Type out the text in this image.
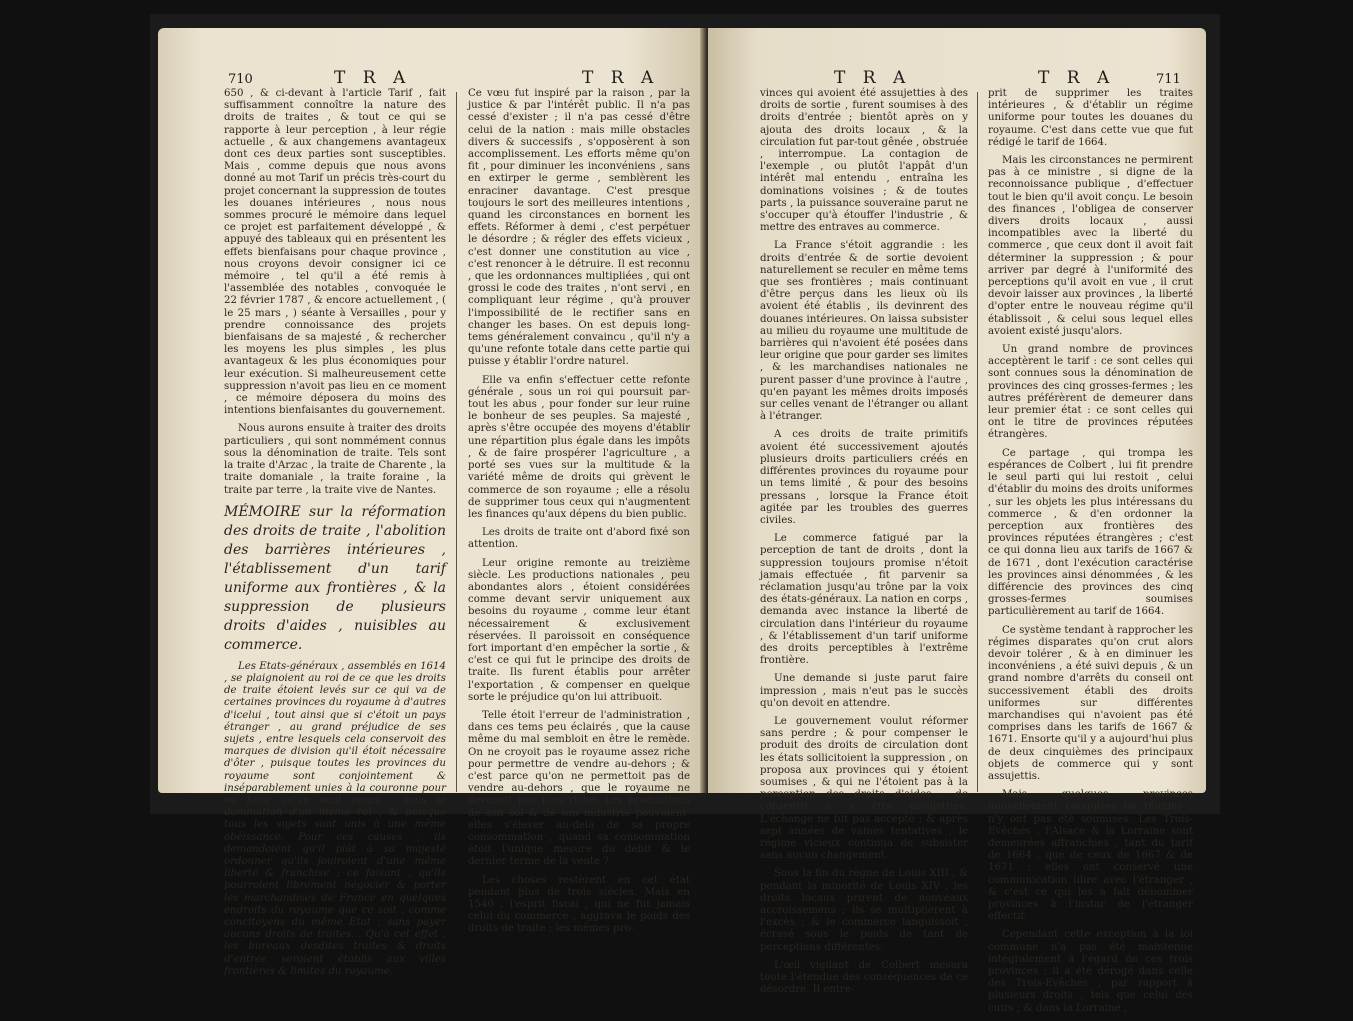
710	T R A	T R A

650 , & ci-devant à l'article Tarif , fait suffisamment connoître la nature des droits de traites , & tout ce qui se rapporte à leur perception , à leur régie actuelle , & aux changemens avantageux dont ces deux parties sont susceptibles. Mais , comme depuis que nous avons donné au mot Tarif un précis très-court du projet concernant la suppression de toutes les douanes intérieures , nous nous sommes procuré le mémoire dans lequel ce projet est parfaitement développé , & appuyé des tableaux qui en présentent les effets bienfaisans pour chaque province , nous croyons devoir consigner ici ce mémoire , tel qu'il a été remis à l'assemblée des notables , convoquée le 22 février 1787 , & encore actuellement , ( le 25 mars , ) séante à Versailles , pour y prendre connoissance des projets bienfaisans de sa majesté , & rechercher les moyens les plus simples , les plus avantageux & les plus économiques pour leur exécution. Si malheureusement cette suppression n'avoit pas lieu en ce moment , ce mémoire déposera du moins des intentions bienfaisantes du gouvernement.

Nous aurons ensuite à traiter des droits particuliers , qui sont nommément connus sous la dénomination de traite. Tels sont la traite d'Arzac , la traite de Charente , la traite domaniale , la traite foraine , la traite par terre , la traite vive de Nantes.

MÉMOIRE sur la réformation des droits de traite , l'abolition des barrières intérieures , l'établissement d'un tarif uniforme aux frontières , & la suppression de plusieurs droits d'aides , nuisibles au commerce.

Les Etats-généraux , assemblés en 1614 , se plaignoient au roi de ce que les droits de traite étoient levés sur ce qui va de certaines provinces du royaume à d'autres d'icelui , tout ainsi que si c'étoit un pays étranger , au grand préjudice de ses sujets , entre lesquels cela conservoit des marques de division qu'il étoit nécessaire d'ôter , puisque toutes les provinces du royaume sont conjointement & inséparablement unies à la couronne pour ne faire qu'un seul corps , sous la domination d'un même roi , & puisque tous les sujets sont unis à une même obéissance. Pour ces causes , ils demandoient qu'il plût à sa majesté ordonner qu'ils jouiroient d'une même liberté & franchise ; ce faisant , qu'ils pourroient librement négocier & porter les marchandises de France en quelques endroits du royaume que ce soit , comme concitoyens du même Etat , sans payer aucuns droits de traites… Qu'à cet effet , les bureaux desdites traites & droits d'entrée seroient établis aux villes frontières & limites du royaume.

Ce vœu fut inspiré par la raison , par la justice & par l'intérêt public. Il n'a pas cessé d'exister ; il n'a pas cessé d'être celui de la nation : mais mille obstacles divers & successifs , s'opposèrent à son accomplissement. Les efforts même qu'on fit , pour diminuer les inconvéniens , sans en extirper le germe , semblèrent les enraciner davantage. C'est presque toujours le sort des meilleures intentions , quand les circonstances en bornent les effets. Réformer à demi , c'est perpétuer le désordre ; & régler des effets vicieux , c'est donner une constitution au vice , c'est renoncer à le détruire. Il est reconnu , que les ordonnances multipliées , qui ont grossi le code des traites , n'ont servi , en compliquant leur régime , qu'à prouver l'impossibilité de le rectifier sans en changer les bases. On est depuis long-tems généralement convaincu , qu'il n'y a qu'une refonte totale dans cette partie qui puisse y établir l'ordre naturel.

Elle va enfin s'effectuer cette refonte générale , sous un roi qui poursuit par-tout les abus , pour fonder sur leur ruine le bonheur de ses peuples. Sa majesté , après s'être occupée des moyens d'établir une répartition plus égale dans les impôts , & de faire prospérer l'agriculture , a porté ses vues sur la multitude & la variété même de droits qui grèvent le commerce de son royaume ; elle a résolu de supprimer tous ceux qui n'augmentent les finances qu'aux dépens du bien public.

Les droits de traite ont d'abord fixé son attention.

Leur origine remonte au treizième siècle. Les productions nationales , peu abondantes alors , étoient considérées comme devant servir uniquement aux besoins du royaume , comme leur étant nécessairement & exclusivement réservées. Il paroissoit en conséquence fort important d'en empêcher la sortie , & c'est ce qui fut le principe des droits de traite. Ils furent établis pour arrêter l'exportation , & compenser en quelque sorte le préjudice qu'on lui attribuoit.

Telle étoit l'erreur de l'administration , dans ces tems peu éclairés , que la cause même du mal sembloit en être le remède. On ne croyoit pas le royaume assez riche pour permettre de vendre au-dehors ; & c'est parce qu'on ne permettoit pas de vendre au-dehors , que le royaume ne devenoit pas plus riche. Les productions de son sol & de son industrie pouvoient-elles s'élever au-delà de sa propre consommation , quand sa consommation étoit l'unique mesure du débit & le dernier terme de la vente ?

Les choses restèrent en cet état pendant plus de trois siècles. Mais en 1540 , l'esprit fiscal , qui ne fut jamais celui du commerce , aggrava le poids des droits de traite ; les mêmes pro-

T R A	T R A	711

vinces qui avoient été assujetties à des droits de sortie , furent soumises à des droits d'entrée ; bientôt après on y ajouta des droits locaux , & la circulation fut par-tout gênée , obstruée , interrompue. La contagion de l'exemple , ou plutôt l'appât d'un intérêt mal entendu , entraîna les dominations voisines ; & de toutes parts , la puissance souveraine parut ne s'occuper qu'à étouffer l'industrie , & mettre des entraves au commerce.

La France s'étoit aggrandie : les droits d'entrée & de sortie devoient naturellement se reculer en même tems que ses frontières ; mais continuant d'être perçus dans les lieux où ils avoient été établis , ils devinrent des douanes intérieures. On laissa subsister au milieu du royaume une multitude de barrières qui n'avoient été posées dans leur origine que pour garder ses limites , & les marchandises nationales ne purent passer d'une province à l'autre , qu'en payant les mêmes droits imposés sur celles venant de l'étranger ou allant à l'étranger.

A ces droits de traite primitifs avoient été successivement ajoutés plusieurs droits particuliers créés en différentes provinces du royaume pour un tems limité , & pour des besoins pressans , lorsque la France étoit agitée par les troubles des guerres civiles.

Le commerce fatigué par la perception de tant de droits , dont la suppression toujours promise n'étoit jamais effectuée , fit parvenir sa réclamation jusqu'au trône par la voix des états-généraux. La nation en corps , demanda avec instance la liberté de circulation dans l'intérieur du royaume , & l'établissement d'un tarif uniforme des droits perceptibles à l'extrême frontière.

Une demande si juste parut faire impression , mais n'eut pas le succès qu'on devoit en attendre.

Le gouvernement voulut réformer sans perdre ; & pour compenser le produit des droits de circulation dont les états sollicitoient la suppression , on proposa aux provinces qui y étoient soumises , & qui ne l'étoient pas à la perception des droits d'aides , de consentir à y être assujetties. L'échange ne fut pas accepté ; & après sept années de vaines tentatives , le régime vicieux continua de subsister sans aucun changement.

Sous la fin du règne de Louis XIII , & pendant la minorité de Louis XIV , les droits locaux prirent de nouveaux accroissemens ; ils se multiplièrent à l'excès , & le commerce languissoit , écrasé sous le poids de tant de perceptions différentes.

L'œil vigilant de Colbert mesura toute l'étendue des conséquences de ce désordre. Il entre-

prit de supprimer les traites intérieures , & d'établir un régime uniforme pour toutes les douanes du royaume. C'est dans cette vue que fut rédigé le tarif de 1664.

Mais les circonstances ne permirent pas à ce ministre , si digne de la reconnoissance publique , d'effectuer tout le bien qu'il avoit conçu. Le besoin des finances , l'obligea de conserver divers droits locaux , aussi incompatibles avec la liberté du commerce , que ceux dont il avoit fait déterminer la suppression ; & pour arriver par degré à l'uniformité des perceptions qu'il avoit en vue , il crut devoir laisser aux provinces , la liberté d'opter entre le nouveau régime qu'il établissoit , & celui sous lequel elles avoient existé jusqu'alors.

Un grand nombre de provinces acceptèrent le tarif : ce sont celles qui sont connues sous la dénomination de provinces des cinq grosses-fermes ; les autres préférèrent de demeurer dans leur premier état : ce sont celles qui ont le titre de provinces réputées étrangères.

Ce partage , qui trompa les espérances de Colbert , lui fit prendre le seul parti qui lui restoit , celui d'établir du moins des droits uniformes , sur les objets les plus intéressans du commerce , & d'en ordonner la perception aux frontières des provinces réputées étrangères ; c'est ce qui donna lieu aux tarifs de 1667 & de 1671 , dont l'exécution caractérise les provinces ainsi dénommées , & les différencie des provinces des cinq grosses-fermes soumises particulièrement au tarif de 1664.

Ce système tendant à rapprocher les régimes disparates qu'on crut alors devoir tolérer , & à en diminuer les inconvéniens , a été suivi depuis , & un grand nombre d'arrêts du conseil ont successivement établi des droits uniformes sur différentes marchandises qui n'avoient pas été comprises dans les tarifs de 1667 & 1671. Ensorte qu'il y a aujourd'hui plus de deux cinquièmes des principaux objets de commerce qui y sont assujettis.

Mais quelques provinces nouvellement conquises ou réunies , n'y ont pas été soumises. Les Trois-Evêchés , l'Alsace & la Lorraine sont demeurées affranchies , tant du tarif de 1664 , que de ceux de 1667 & de 1671 ; elles ont conservé une communication libre avec l'étranger , & c'est ce qui les a fait dénommer provinces à l'instar de l'étranger effectif.

Cependant cette exception à la loi commune n'a pas été maintenue intégralement à l'égard de ces trois provinces ; il a été dérogé dans celle des Trois-Evêchés , par rapport à plusieurs droits , tels que celui des cuirs ; & dans la Lorraine ,
